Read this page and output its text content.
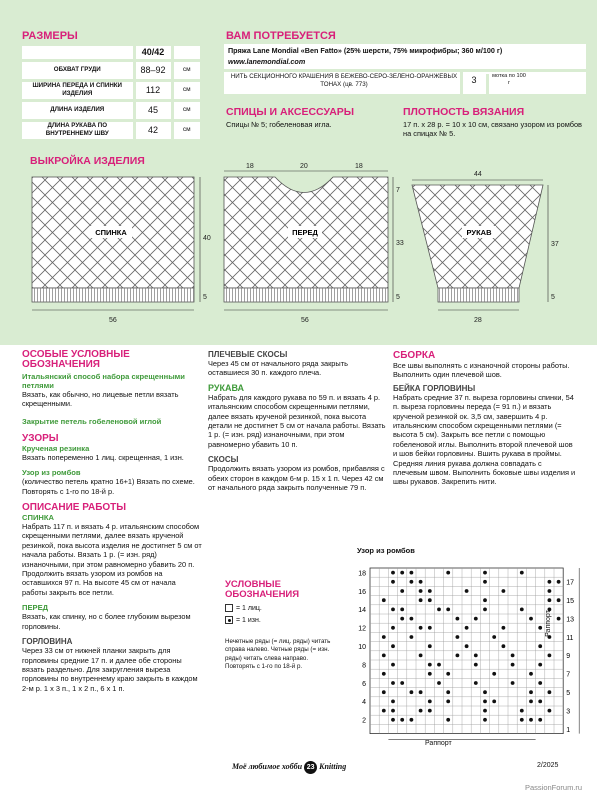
РАЗМЕРЫ
	40/42	
ОБХВАТ ГРУДИ	88–92	см
ШИРИНА ПЕРЕДА И СПИНКИ ИЗДЕЛИЯ	112	см
ДЛИНА ИЗДЕЛИЯ	45	см
ДЛИНА РУКАВА ПО ВНУТРЕННЕМУ ШВУ	42	см
ВАМ ПОТРЕБУЕТСЯ
Пряжа Lane Mondial «Ben Fatto» (25% шерсти, 75% микрофибры; 360 м/100 г)
www.lanemondial.com
НИТЬ СЕКЦИОННОГО КРАШЕНИЯ В БЕЖЕВО-СЕРО-ЗЕЛЕНО-ОРАНЖЕВЫХ ТОНАХ (цв. 773)	3	мотка по 100 г
СПИЦЫ И АКСЕССУАРЫ
Спицы № 5; гобеленовая игла.
ПЛОТНОСТЬ ВЯЗАНИЯ
17 п. х 28 р. = 10 х 10 см, связано узором из ромбов на спицах № 5.
ВЫКРОЙКА ИЗДЕЛИЯ
СПИНКА
40
5
56
ПЕРЕД
18	20	18
7
33
5
56
РУКАВ
44
37
5
28
ОСОБЫЕ УСЛОВНЫЕ ОБОЗНАЧЕНИЯ
Итальянский способ набора скрещенными петлями
Вязать, как обычно, но лицевые петли вязать скрещенными.
Закрытие петель гобеленовой иглой
УЗОРЫ
Крученая резинка
Вязать попеременно 1 лиц. скрещенная, 1 изн.
Узор из ромбов
(количество петель кратно 16+1) Вязать по схеме. Повторять с 1-го по 18-й р.
ОПИСАНИЕ РАБОТЫ
СПИНКА
Набрать 117 п. и вязать 4 р. итальянским способом скрещенными петлями, далее вязать крученой резинкой, пока высота изделия не достигнет 5 см от начала работы. Вязать 1 р. (= изн. ряд) изнаночными, при этом равномерно убавить 20 п. Продолжить вязать узором из ромбов на оставшихся 97 п. На высоте 45 см от начала работы закрыть все петли.
ПЕРЕД
Вязать, как спинку, но с более глубоким вырезом горловины.
ГОРЛОВИНА
Через 33 см от нижней планки закрыть для горловины средние 17 п. и далее обе стороны вязать раздельно. Для закругления выреза горловины по внутреннему краю закрыть в каждом 2-м р. 1 х 3 п., 1 х 2 п., 6 х 1 п.
ПЛЕЧЕВЫЕ СКОСЫ
Через 45 см от начального ряда закрыть оставшиеся 30 п. каждого плеча.
РУКАВА
Набрать для каждого рукава по 59 п. и вязать 4 р. итальянским способом скрещенными петлями, далее вязать крученой резинкой, пока высота детали не достигнет 5 см от начала работы. Вязать 1 р. (= изн. ряд) изнаночными, при этом равномерно убавить 10 п.
СКОСЫ
Продолжить вязать узором из ромбов, прибавляя с обеих сторон в каждом 6-м р. 15 х 1 п. Через 42 см от начального ряда закрыть полученные 79 п.
СБОРКА
Все швы выполнять с изнаночной стороны работы. Выполнить один плечевой шов.
БЕЙКА ГОРЛОВИНЫ
Набрать средние 37 п. выреза горловины спинки, 54 п. выреза горловины переда (= 91 п.) и вязать крученой резинкой ок. 3,5 см, завершить 4 р. итальянским способом скрещенными петлями (= высота 5 см). Закрыть все петли с помощью гобеленовой иглы. Выполнить второй плечевой шов и шов бейки горловины. Вшить рукава в проймы. Средняя линия рукава должна совпадать с плечевым швом. Выполнить боковые швы изделия и швы рукавов. Закрепить нити.
УСЛОВНЫЕ ОБОЗНАЧЕНИЯ
= 1 лиц.
= 1 изн.
Нечетные ряды (= лиц. ряды) читать справа налево. Четные ряды (= изн. ряды) читать слева направо. Повторять с 1-го по 18-й р.
Узор из ромбов
18
16
14
12
10
8
6
4
2
17
15
13
11
9
7
5
3
1
Раппорт
Раппорт
Моё любимое хобби 23 Knitting	2/2025
PassionForum.ru
